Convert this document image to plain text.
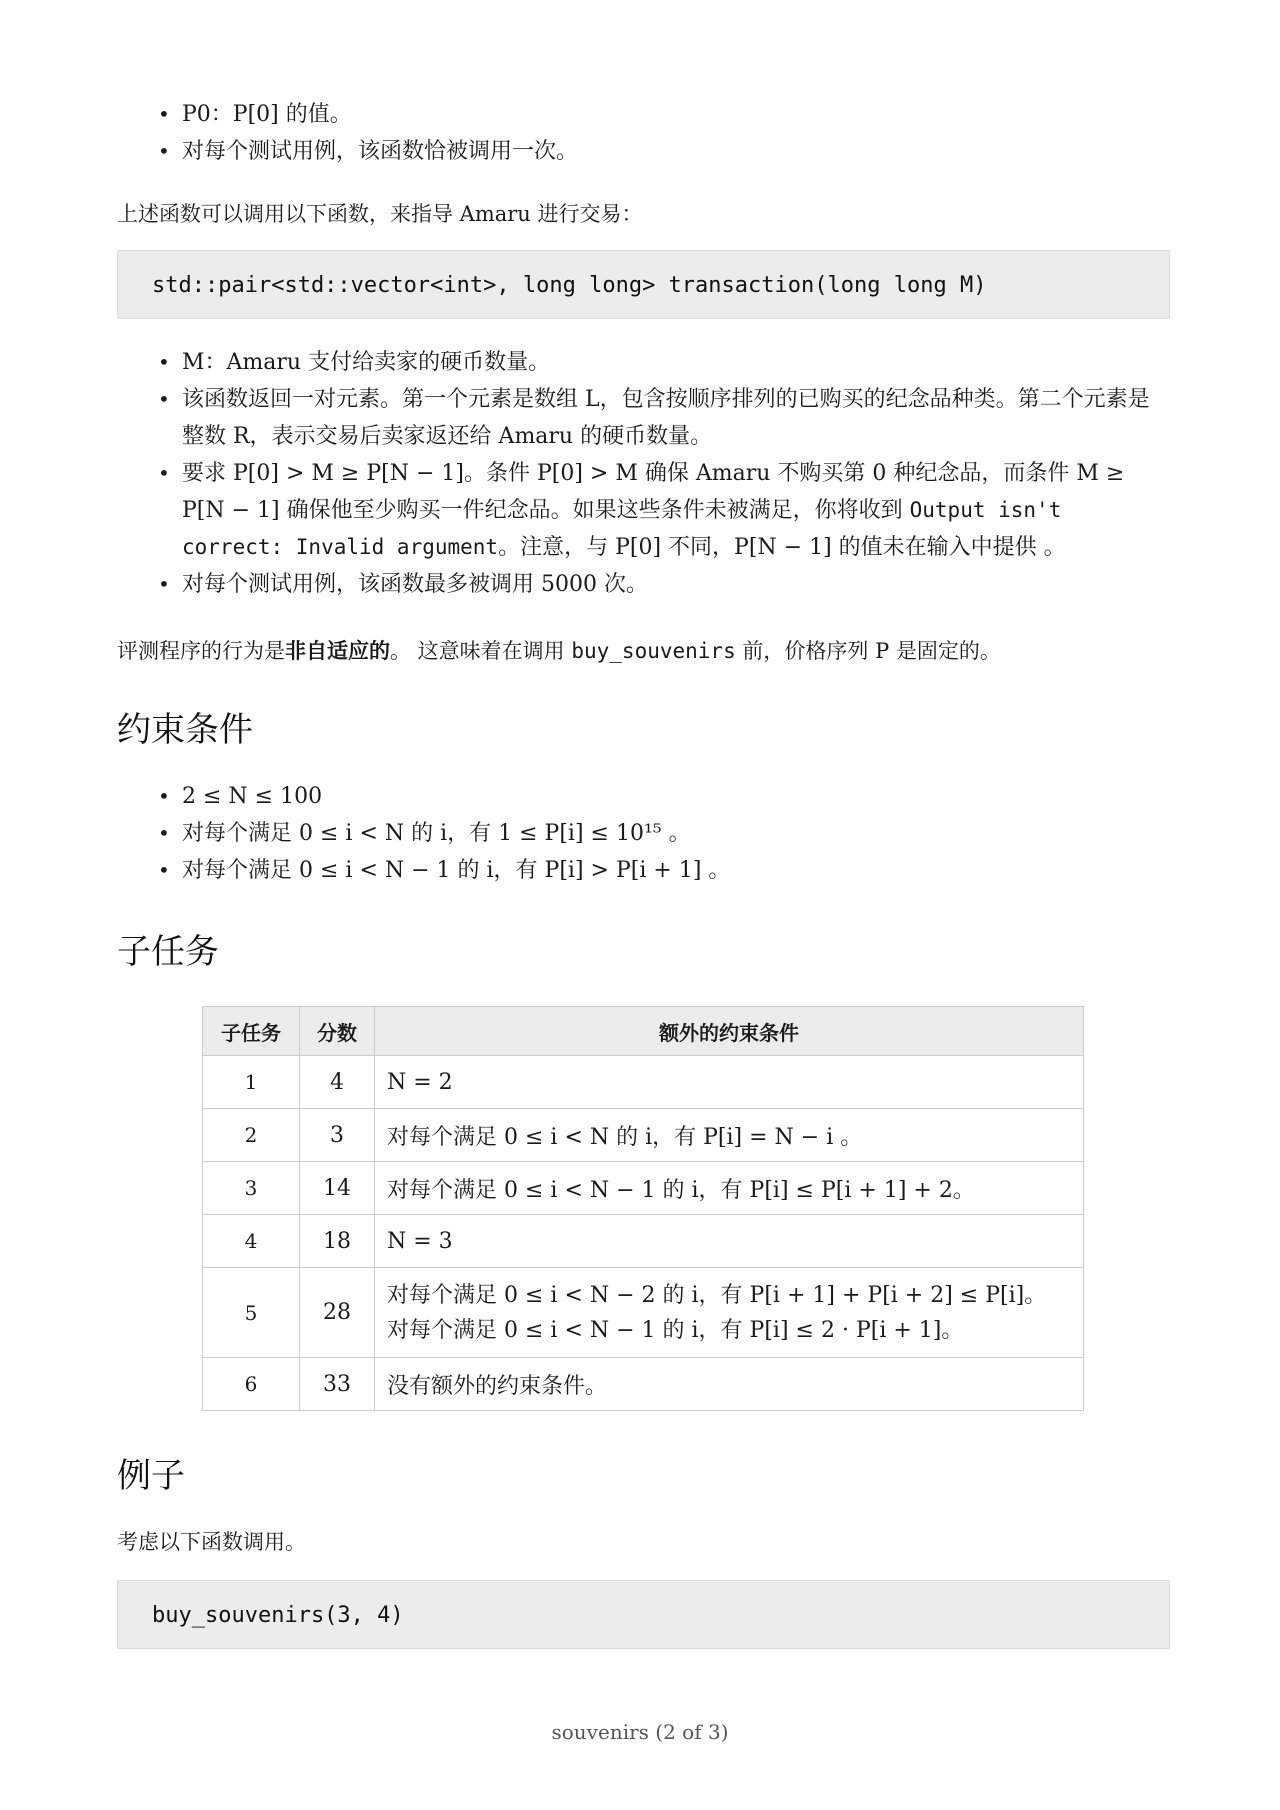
• P0：P[0] 的值。
• 对每个测试用例，该函数恰被调用一次。

上述函数可以调用以下函数，来指导 Amaru 进行交易：

std::pair<std::vector<int>, long long> transaction(long long M)
• M：Amaru 支付给卖家的硬币数量。
• 该函数返回一对元素。第一个元素是数组 L，包含按顺序排列的已购买的纪念品种类。第二个元素是整数 R，表示交易后卖家返还给 Amaru 的硬币数量。
• 要求 P[0] > M ≥ P[N − 1]。条件 P[0] > M 确保 Amaru 不购买第 0 种纪念品，而条件 M ≥ P[N − 1] 确保他至少购买一件纪念品。如果这些条件未被满足，你将收到 Output isn't correct: Invalid argument。注意，与 P[0] 不同，P[N − 1] 的值未在输入中提供 。
• 对每个测试用例，该函数最多被调用 5000 次。

评测程序的行为是非自适应的。 这意味着在调用 buy_souvenirs 前，价格序列 P 是固定的。

约束条件
• 2 ≤ N ≤ 100
• 对每个满足 0 ≤ i < N 的 i，有 1 ≤ P[i] ≤ 10¹⁵ 。
• 对每个满足 0 ≤ i < N − 1 的 i，有 P[i] > P[i + 1] 。
子任务
子任务	分数	额外的约束条件
1	4	N = 2
2	3	对每个满足 0 ≤ i < N 的 i，有 P[i] = N − i 。
3	14	对每个满足 0 ≤ i < N − 1 的 i，有 P[i] ≤ P[i + 1] + 2。
4	18	N = 3
5	28	对每个满足 0 ≤ i < N − 2 的 i，有 P[i + 1] + P[i + 2] ≤ P[i]。
对每个满足 0 ≤ i < N − 1 的 i，有 P[i] ≤ 2 · P[i + 1]。

6	33	没有额外的约束条件。
例子

考虑以下函数调用。

buy_souvenirs(3, 4)
souvenirs (2 of 3)
